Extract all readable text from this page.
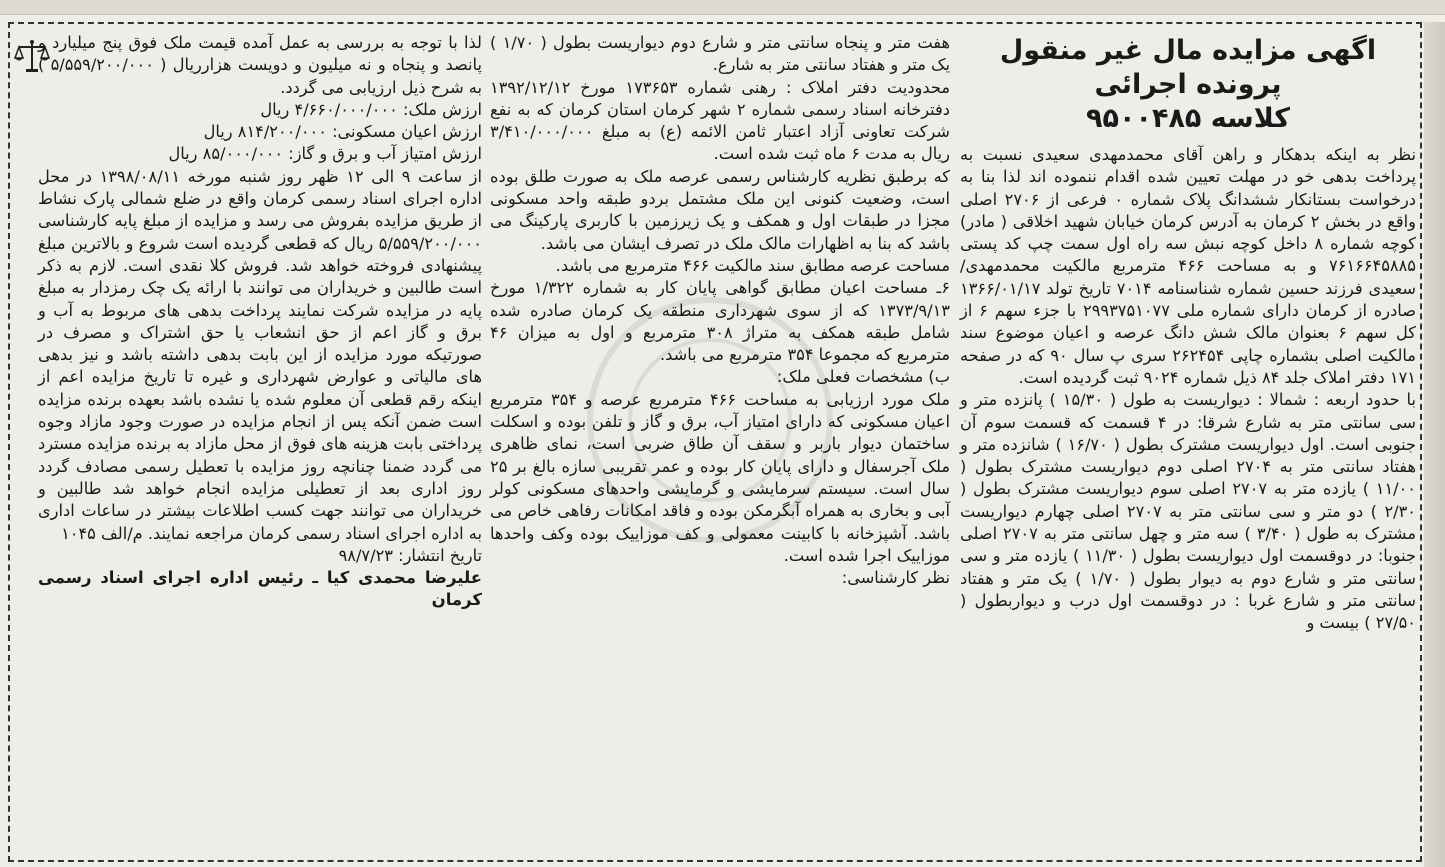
اگهی مزایده مال غیر منقول پرونده اجرائی
کلاسه ۹۵۰۰۴۸۵

نظر به اینکه بدهکار و راهن آقای محمدمهدی سعیدی نسبت به پرداخت بدهی خو در مهلت تعیین شده اقدام ننموده اند لذا بنا به درخواست بستانکار ششدانگ پلاک شماره ۰ فرعی از ۲۷۰۶ اصلی واقع در بخش ۲ کرمان به آدرس کرمان خیابان شهید اخلاقی ( مادر) کوچه شماره ۸ داخل کوچه نبش سه راه اول سمت چپ کد پستی ۷۶۱۶۶۴۵۸۸۵ و به مساحت ۴۶۶ مترمربع مالکیت محمدمهدی/ سعیدی فرزند حسین شماره شناسنامه ۷۰۱۴ تاریخ تولد ۱۳۶۶/۰۱/۱۷ صادره از کرمان دارای شماره ملی ۲۹۹۳۷۵۱۰۷۷ با جزء سهم ۶ از کل سهم ۶ بعنوان مالک شش دانگ عرصه و اعیان موضوع سند مالکیت اصلی بشماره چاپی ۲۶۲۴۵۴ سری پ سال ۹۰ که در صفحه ۱۷۱ دفتر املاک جلد ۸۴ ذیل شماره ۹۰۲۴ ثبت گردیده است.

با حدود اربعه : شمالا : دیواریست به طول ( ۱۵/۳۰ ) پانزده متر و سی سانتی متر به شارع شرقا: در ۴ قسمت که قسمت سوم آن جنوبی است. اول دیواریست مشترک بطول ( ۱۶/۷۰ ) شانزده متر و هفتاد سانتی متر به ۲۷۰۴ اصلی دوم دیواریست مشترک بطول ( ۱۱/۰۰ ) یازده متر به ۲۷۰۷ اصلی سوم دیواریست مشترک بطول ( ۲/۳۰ ) دو متر و سی سانتی متر به ۲۷۰۷ اصلی چهارم دیواریست مشترک به طول ( ۳/۴۰ ) سه متر و چهل سانتی متر به ۲۷۰۷ اصلی جنوبا: در دوقسمت اول دیواریست بطول ( ۱۱/۳۰ ) یازده متر و سی سانتی متر و شارع دوم به دیوار بطول ( ۱/۷۰ ) یک متر و هفتاد سانتی متر و شارع غربا : در دوقسمت اول درب و دیواربطول ( ۲۷/۵۰ ) بیست و

هفت متر و پنجاه سانتی متر و شارع دوم دیواریست بطول ( ۱/۷۰ ) یک متر و هفتاد سانتی متر به شارع.

محدودیت دفتر املاک : رهنی شماره ۱۷۳۶۵۳ مورخ ۱۳۹۲/۱۲/۱۲ دفترخانه اسناد رسمی شماره ۲ شهر کرمان استان کرمان که به نفع شرکت تعاونی آزاد اعتبار ثامن الائمه (ع) به مبلغ ۳/۴۱۰/۰۰۰/۰۰۰ ریال به مدت ۶ ماه ثبت شده است.

که برطبق نظریه کارشناس رسمی عرصه ملک به صورت طلق بوده است، وضعیت کنونی این ملک مشتمل بردو طبقه واحد مسکونی مجزا در طبقات اول و همکف و یک زیرزمین با کاربری پارکینگ می باشد که بنا به اظهارات مالک ملک در تصرف ایشان می باشد.

مساحت عرصه مطابق سند مالکیت ۴۶۶ مترمربع می باشد.

۶ـ مساحت اعیان مطابق گواهی پایان کار به شماره ۱/۳۲۲ مورخ ۱۳۷۳/۹/۱۳ که از سوی شهرداری منطقه یک کرمان صادره شده شامل طبقه همکف به متراژ ۳۰۸ مترمربع و اول به میزان ۴۶ مترمربع که مجموعا ۳۵۴ مترمربع می باشد.

ب) مشخصات فعلی ملک:

ملک مورد ارزیابی به مساحت ۴۶۶ مترمربع عرصه و ۳۵۴ مترمربع اعیان مسکونی که دارای امتیاز آب، برق و گاز و تلفن بوده و اسکلت ساختمان دیوار باربر و سقف آن طاق ضربی است، نمای ظاهری ملک آجرسفال و دارای پایان کار بوده و عمر تقریبی سازه بالغ بر ۲۵ سال است. سیستم سرمایشی و گرمایشی واحدهای مسکونی کولر آبی و بخاری به همراه آبگرمکن بوده و فاقد امکانات رفاهی خاص می باشد. آشپزخانه با کابینت معمولی و کف موزاییک بوده وکف واحدها موزاییک اجرا شده است.

نظر کارشناسی:

لذا با توجه به بررسی به عمل آمده قیمت ملک فوق پنج میلیارد و پانصد و پنجاه و نه میلیون و دویست هزارریال ( ۵/۵۵۹/۲۰۰/۰۰۰ ) به شرح ذیل ارزیابی می گردد.

ارزش ملک: ۴/۶۶۰/۰۰۰/۰۰۰ ریال

ارزش اعیان مسکونی: ۸۱۴/۲۰۰/۰۰۰ ریال

ارزش امتیاز آب و برق و گاز: ۸۵/۰۰۰/۰۰۰ ریال

از ساعت ۹ الی ۱۲ ظهر روز شنبه مورخه ۱۳۹۸/۰۸/۱۱ در محل اداره اجرای اسناد رسمی کرمان واقع در ضلع شمالی پارک نشاط از طریق مزایده بفروش می رسد و مزایده از مبلغ پایه کارشناسی ۵/۵۵۹/۲۰۰/۰۰۰ ریال که قطعی گردیده است شروع و بالاترین مبلغ پیشنهادی فروخته خواهد شد. فروش کلا نقدی است. لازم به ذکر است طالبین و خریداران می توانند با ارائه یک چک رمزدار به مبلغ پایه در مزایده شرکت نمایند پرداخت بدهی های مربوط به آب و برق و گاز اعم از حق انشعاب یا حق اشتراک و مصرف در صورتیکه مورد مزایده از این بابت بدهی داشته باشد و نیز بدهی های مالیاتی و عوارض شهرداری و غیره تا تاریخ مزایده اعم از اینکه رقم قطعی آن معلوم شده یا نشده باشد بعهده برنده مزایده است ضمن آنکه پس از انجام مزایده در صورت وجود مازاد وجوه پرداختی بابت هزینه های فوق از محل مازاد به برنده مزایده مسترد می گردد ضمنا چنانچه روز مزایده با تعطیل رسمی مصادف گردد روز اداری بعد از تعطیلی مزایده انجام خواهد شد طالبین و خریداران می توانند جهت کسب اطلاعات بیشتر در ساعات اداری به اداره اجرای اسناد رسمی کرمان مراجعه نمایند. م/الف ۱۰۴۵

تاریخ انتشار: ۹۸/۷/۲۳

علیرضا محمدی کیا ـ رئیس اداره اجرای اسناد رسمی کرمان
